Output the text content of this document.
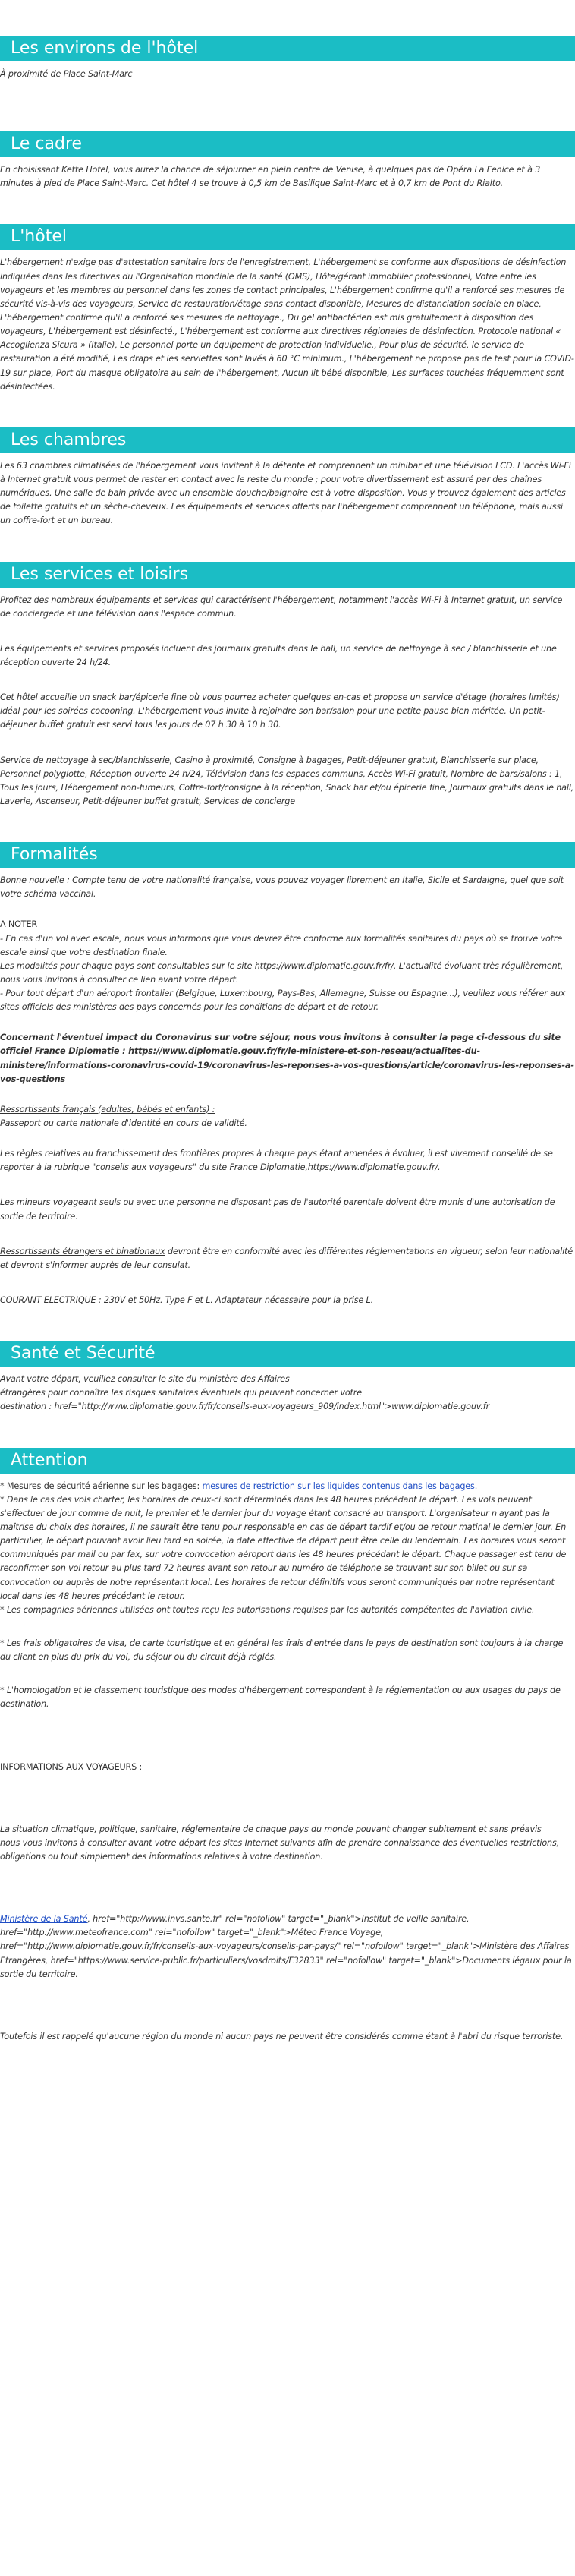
Les environs de l'hôtel

À proximité de Place Saint-Marc

Le cadre

En choisissant Kette Hotel, vous aurez la chance de séjourner en plein centre de Venise, à quelques pas de Opéra La Fenice et à 3 minutes à pied de Place Saint-Marc. Cet hôtel 4 se trouve à 0,5 km de Basilique Saint-Marc et à 0,7 km de Pont du Rialto.

L'hôtel

L'hébergement n'exige pas d'attestation sanitaire lors de l'enregistrement, L'hébergement se conforme aux dispositions de désinfection indiquées dans les directives du l'Organisation mondiale de la santé (OMS), Hôte/gérant immobilier professionnel, Votre entre les voyageurs et les membres du personnel dans les zones de contact principales, L'hébergement confirme qu'il a renforcé ses mesures de sécurité vis-à-vis des voyageurs, Service de restauration/étage sans contact disponible, Mesures de distanciation sociale en place, L'hébergement confirme qu'il a renforcé ses mesures de nettoyage., Du gel antibactérien est mis gratuitement à disposition des voyageurs, L'hébergement est désinfecté., L'hébergement est conforme aux directives régionales de désinfection. Protocole national « Accoglienza Sicura » (Italie), Le personnel porte un équipement de protection individuelle., Pour plus de sécurité, le service de restauration a été modifié, Les draps et les serviettes sont lavés à 60 °C minimum., L'hébergement ne propose pas de test pour la COVID-19 sur place, Port du masque obligatoire au sein de l'hébergement, Aucun lit bébé disponible, Les surfaces touchées fréquemment sont désinfectées.

Les chambres

Les 63 chambres climatisées de l'hébergement vous invitent à la détente et comprennent un minibar et une télévision LCD. L'accès Wi-Fi à Internet gratuit vous permet de rester en contact avec le reste du monde ; pour votre divertissement est assuré par des chaînes numériques. Une salle de bain privée avec un ensemble douche/baignoire est à votre disposition. Vous y trouvez également des articles de toilette gratuits et un sèche-cheveux. Les équipements et services offerts par l'hébergement comprennent un téléphone, mais aussi un coffre-fort et un bureau.

Les services et loisirs

Profitez des nombreux équipements et services qui caractérisent l'hébergement, notamment l'accès Wi-Fi à Internet gratuit, un service de conciergerie et une télévision dans l'espace commun.

Les équipements et services proposés incluent des journaux gratuits dans le hall, un service de nettoyage à sec / blanchisserie et une réception ouverte 24 h/24.

Cet hôtel accueille un snack bar/épicerie fine où vous pourrez acheter quelques en-cas et propose un service d'étage (horaires limités) idéal pour les soirées cocooning. L'hébergement vous invite à rejoindre son bar/salon pour une petite pause bien méritée. Un petit-déjeuner buffet gratuit est servi tous les jours de 07 h 30 à 10 h 30.

Service de nettoyage à sec/blanchisserie, Casino à proximité, Consigne à bagages, Petit-déjeuner gratuit, Blanchisserie sur place, Personnel polyglotte, Réception ouverte 24 h/24, Télévision dans les espaces communs, Accès Wi-Fi gratuit, Nombre de bars/salons : 1, Tous les jours, Hébergement non-fumeurs, Coffre-fort/consigne à la réception, Snack bar et/ou épicerie fine, Journaux gratuits dans le hall, Laverie, Ascenseur, Petit-déjeuner buffet gratuit, Services de concierge

Formalités

Bonne nouvelle : Compte tenu de votre nationalité française, vous pouvez voyager librement en Italie, Sicile et Sardaigne, quel que soit votre schéma vaccinal.

A NOTER
- En cas d'un vol avec escale, nous vous informons que vous devrez être conforme aux formalités sanitaires du pays où se trouve votre escale ainsi que votre destination finale.
Les modalités pour chaque pays sont consultables sur le site https://www.diplomatie.gouv.fr/fr/. L'actualité évoluant très régulièrement, nous vous invitons à consulter ce lien avant votre départ.
- Pour tout départ d'un aéroport frontalier (Belgique, Luxembourg, Pays-Bas, Allemagne, Suisse ou Espagne...), veuillez vous référer aux sites officiels des ministères des pays concernés pour les conditions de départ et de retour.

Concernant l'éventuel impact du Coronavirus sur votre séjour, nous vous invitons à consulter la page ci-dessous du site officiel France Diplomatie : https://www.diplomatie.gouv.fr/fr/le-ministere-et-son-reseau/actualites-du-ministere/informations-coronavirus-covid-19/coronavirus-les-reponses-a-vos-questions/article/coronavirus-les-reponses-a-vos-questions

Ressortissants français (adultes, bébés et enfants) :
Passeport ou carte nationale d'identité en cours de validité.

Les règles relatives au franchissement des frontières propres à chaque pays étant amenées à évoluer, il est vivement conseillé de se reporter à la rubrique "conseils aux voyageurs" du site France Diplomatie,https://www.diplomatie.gouv.fr/.

Les mineurs voyageant seuls ou avec une personne ne disposant pas de l'autorité parentale doivent être munis d'une autorisation de sortie de territoire.

Ressortissants étrangers et binationaux devront être en conformité avec les différentes réglementations en vigueur, selon leur nationalité et devront s'informer auprès de leur consulat.

COURANT ELECTRIQUE : 230V et 50Hz. Type F et L. Adaptateur nécessaire pour la prise L.

Santé et Sécurité

Avant votre départ, veuillez consulter le site du ministère des Affaires
étrangères pour connaître les risques sanitaires éventuels qui peuvent concerner votre
destination : href="http://www.diplomatie.gouv.fr/fr/conseils-aux-voyageurs_909/index.html">www.diplomatie.gouv.fr

Attention

* Mesures de sécurité aérienne sur les bagages: mesures de restriction sur les liquides contenus dans les bagages.
* Dans le cas des vols charter, les horaires de ceux-ci sont déterminés dans les 48 heures précédant le départ. Les vols peuvent s'effectuer de jour comme de nuit, le premier et le dernier jour du voyage étant consacré au transport. L'organisateur n'ayant pas la maîtrise du choix des horaires, il ne saurait être tenu pour responsable en cas de départ tardif et/ou de retour matinal le dernier jour. En particulier, le départ pouvant avoir lieu tard en soirée, la date effective de départ peut être celle du lendemain. Les horaires vous seront communiqués par mail ou par fax, sur votre convocation aéroport dans les 48 heures précédant le départ. Chaque passager est tenu de reconfirmer son vol retour au plus tard 72 heures avant son retour au numéro de téléphone se trouvant sur son billet ou sur sa convocation ou auprès de notre représentant local. Les horaires de retour définitifs vous seront communiqués par notre représentant local dans les 48 heures précédant le retour.
* Les compagnies aériennes utilisées ont toutes reçu les autorisations requises par les autorités compétentes de l'aviation civile.

* Les frais obligatoires de visa, de carte touristique et en général les frais d'entrée dans le pays de destination sont toujours à la charge du client en plus du prix du vol, du séjour ou du circuit déjà réglés.

* L'homologation et le classement touristique des modes d'hébergement correspondent à la réglementation ou aux usages du pays de destination.

INFORMATIONS AUX VOYAGEURS :

La situation climatique, politique, sanitaire, réglementaire de chaque pays du monde pouvant changer subitement et sans préavis
nous vous invitons à consulter avant votre départ les sites Internet suivants afin de prendre connaissance des éventuelles restrictions, obligations ou tout simplement des informations relatives à votre destination.

Ministère de la Santé, href="http://www.invs.sante.fr" rel="nofollow" target="_blank">Institut de veille sanitaire, href="http://www.meteofrance.com" rel="nofollow" target="_blank">Méteo France Voyage, href="http://www.diplomatie.gouv.fr/fr/conseils-aux-voyageurs/conseils-par-pays/" rel="nofollow" target="_blank">Ministère des Affaires Etrangères, href="https://www.service-public.fr/particuliers/vosdroits/F32833" rel="nofollow" target="_blank">Documents légaux pour la sortie du territoire.

Toutefois il est rappelé qu'aucune région du monde ni aucun pays ne peuvent être considérés comme étant à l'abri du risque terroriste.
